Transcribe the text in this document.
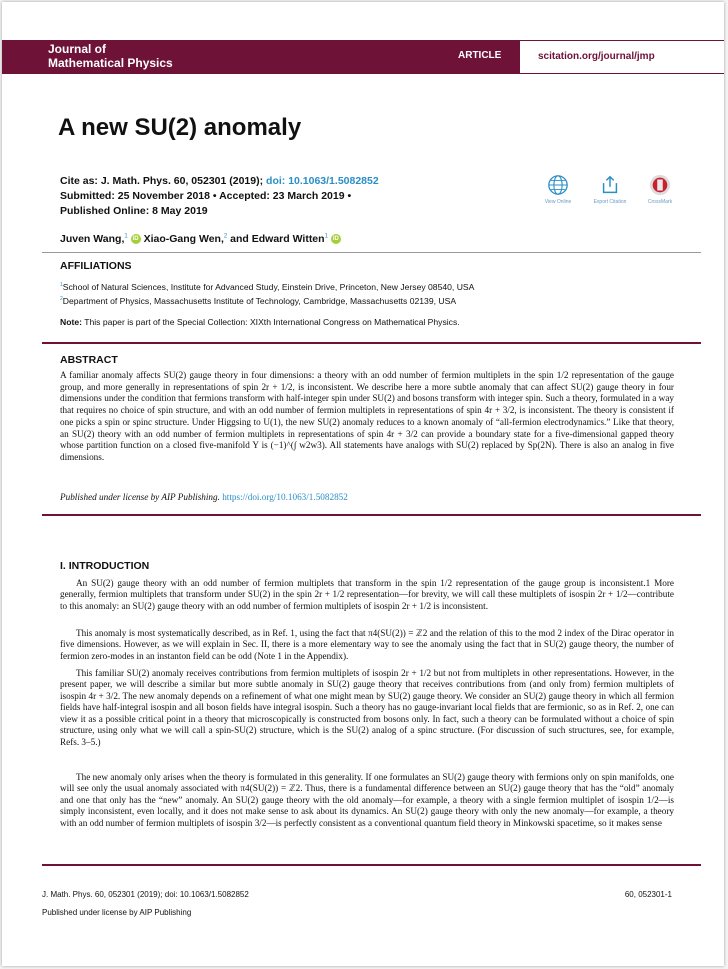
Journal of
Mathematical Physics
ARTICLE	scitation.org/journal/jmp
A new SU(2) anomaly
Cite as: J. Math. Phys. 60, 052301 (2019); doi: 10.1063/1.5082852
Submitted: 25 November 2018 • Accepted: 23 March 2019 •
Published Online: 8 May 2019
View Online	Export Citation	CrossMark
Juven Wang,$^1$ iD Xiao-Gang Wen,$^2$ and Edward Witten$^1$ iD
AFFILIATIONS
$^1$School of Natural Sciences, Institute for Advanced Study, Einstein Drive, Princeton, New Jersey 08540, USA
$^2$Department of Physics, Massachusetts Institute of Technology, Cambridge, Massachusetts 02139, USA
Note: This paper is part of the Special Collection: XIXth International Congress on Mathematical Physics.
ABSTRACT

A familiar anomaly affects SU(2) gauge theory in four dimensions: a theory with an odd number of fermion multiplets in the spin 1/2 representation of the gauge group, and more generally in representations of spin 2r + 1/2, is inconsistent. We describe here a more subtle anomaly that can affect SU(2) gauge theory in four dimensions under the condition that fermions transform with half-integer spin under SU(2) and bosons transform with integer spin. Such a theory, formulated in a way that requires no choice of spin structure, and with an odd number of fermion multiplets in representations of spin 4r + 3/2, is inconsistent. The theory is consistent if one picks a spin or spinc structure. Under Higgsing to U(1), the new SU(2) anomaly reduces to a known anomaly of “all-fermion electrodynamics.” Like that theory, an SU(2) theory with an odd number of fermion multiplets in representations of spin 4r + 3/2 can provide a boundary state for a five-dimensional gapped theory whose partition function on a closed five-manifold Y is (−1)^(∫ w2w3). All statements have analogs with SU(2) replaced by Sp(2N). There is also an analog in five dimensions.

Published under license by AIP Publishing. https://doi.org/10.1063/1.5082852
I. INTRODUCTION

An SU(2) gauge theory with an odd number of fermion multiplets that transform in the spin 1/2 representation of the gauge group is inconsistent.1 More generally, fermion multiplets that transform under SU(2) in the spin 2r + 1/2 representation—for brevity, we will call these multiplets of isospin 2r + 1/2—contribute to this anomaly: an SU(2) gauge theory with an odd number of fermion multiplets of isospin 2r + 1/2 is inconsistent.

This anomaly is most systematically described, as in Ref. 1, using the fact that π4(SU(2)) = ℤ2 and the relation of this to the mod 2 index of the Dirac operator in five dimensions. However, as we will explain in Sec. II, there is a more elementary way to see the anomaly using the fact that in SU(2) gauge theory, the number of fermion zero-modes in an instanton field can be odd (Note 1 in the Appendix).

This familiar SU(2) anomaly receives contributions from fermion multiplets of isospin 2r + 1/2 but not from multiplets in other representations. However, in the present paper, we will describe a similar but more subtle anomaly in SU(2) gauge theory that receives contributions from (and only from) fermion multiplets of isospin 4r + 3/2. The new anomaly depends on a refinement of what one might mean by SU(2) gauge theory. We consider an SU(2) gauge theory in which all fermion fields have half-integral isospin and all boson fields have integral isospin. Such a theory has no gauge-invariant local fields that are fermionic, so as in Ref. 2, one can view it as a possible critical point in a theory that microscopically is constructed from bosons only. In fact, such a theory can be formulated without a choice of spin structure, using only what we will call a spin-SU(2) structure, which is the SU(2) analog of a spinc structure. (For discussion of such structures, see, for example, Refs. 3–5.)

The new anomaly only arises when the theory is formulated in this generality. If one formulates an SU(2) gauge theory with fermions only on spin manifolds, one will see only the usual anomaly associated with π4(SU(2)) = ℤ2. Thus, there is a fundamental difference between an SU(2) gauge theory that has the “old” anomaly and one that only has the “new” anomaly. An SU(2) gauge theory with the old anomaly—for example, a theory with a single fermion multiplet of isospin 1/2—is simply inconsistent, even locally, and it does not make sense to ask about its dynamics. An SU(2) gauge theory with only the new anomaly—for example, a theory with an odd number of fermion multiplets of isospin 3/2—is perfectly consistent as a conventional quantum field theory in Minkowski spacetime, so it makes sense

J. Math. Phys. 60, 052301 (2019); doi: 10.1063/1.5082852
Published under license by AIP Publishing
60, 052301-1
